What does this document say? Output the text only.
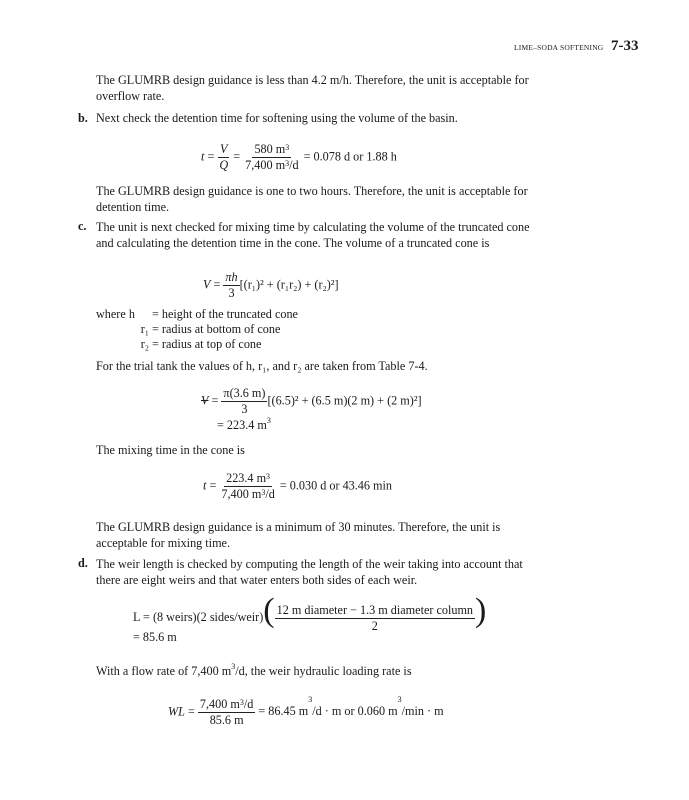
LIME–SODA SOFTENING 7-33
The GLUMRB design guidance is less than 4.2 m/h. Therefore, the unit is acceptable for overflow rate.
b. Next check the detention time for softening using the volume of the basin.
$t = \frac{V}{Q} = \frac{580 m^3}{7,400 m^3/d} = 0.078$ d or 1.88 h
The GLUMRB design guidance is one to two hours. Therefore, the unit is acceptable for detention time.
c. The unit is next checked for mixing time by calculating the volume of the truncated cone and calculating the detention time in the cone. The volume of a truncated cone is
$V = \frac{\pi h}{3} [(r_1)^2 + (r_1r_2) + (r_2)^2]$
where h = height of the truncated cone
r₁ = radius at bottom of cone
r₂ = radius at top of cone
For the trial tank the values of h, r₁, and r₂ are taken from Table 7-4.
$V = \frac{\pi(3.6 m)}{3} [(6.5)^2 + (6.5$ m)(2 m) + (2 m)²]
= 223.4 $m^3$
The mixing time in the cone is
$t = \frac{223.4 m^3}{7,400 m^3/d} = 0.030$ d or 43.46 min
The GLUMRB design guidance is a minimum of 30 minutes. Therefore, the unit is acceptable for mixing time.
d. The weir length is checked by computing the length of the weir taking into account that there are eight weirs and that water enters both sides of each weir.
L = (8 weirs)(2 sides/weir)( $\frac{\text{12 m diameter − 1.3 m diameter column}}{2}$ )
= 85.6 m
With a flow rate of 7,400 $m^3/d$, the weir hydraulic loading rate is
WL = $\frac{7,400 m^3/d}{85.6 m} = 86.45$ $m^3/d \cdot m$ or 0.060 $m^3/\min \cdot m$
